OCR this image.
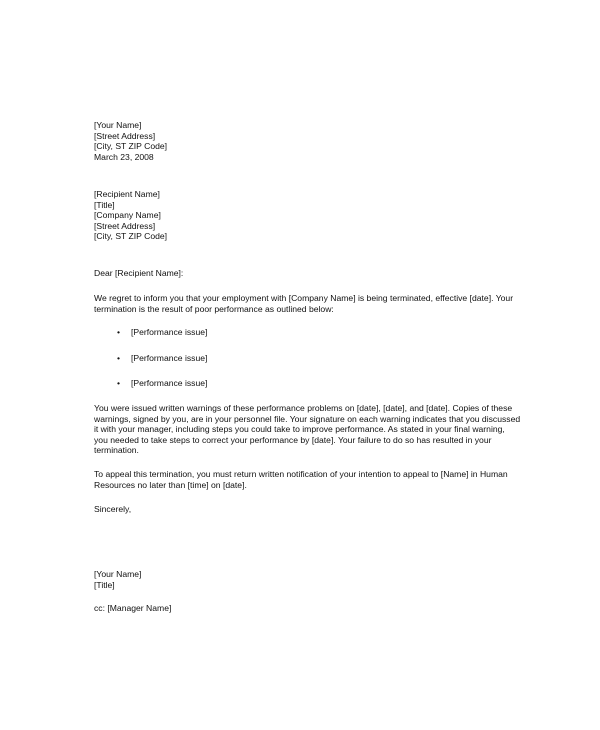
[Your Name]
[Street Address]
[City, ST ZIP Code]
March 23, 2008
[Recipient Name]
[Title]
[Company Name]
[Street Address]
[City, ST ZIP Code]
Dear [Recipient Name]:
We regret to inform you that your employment with [Company Name] is being terminated, effective [date]. Your
termination is the result of poor performance as outlined below:
• [Performance issue]
• [Performance issue]
• [Performance issue]
You were issued written warnings of these performance problems on [date], [date], and [date]. Copies of these
warnings, signed by you, are in your personnel file. Your signature on each warning indicates that you discussed
it with your manager, including steps you could take to improve performance. As stated in your final warning,
you needed to take steps to correct your performance by [date]. Your failure to do so has resulted in your
termination.
To appeal this termination, you must return written notification of your intention to appeal to [Name] in Human
Resources no later than [time] on [date].
Sincerely,
[Your Name]
[Title]
cc: [Manager Name]
